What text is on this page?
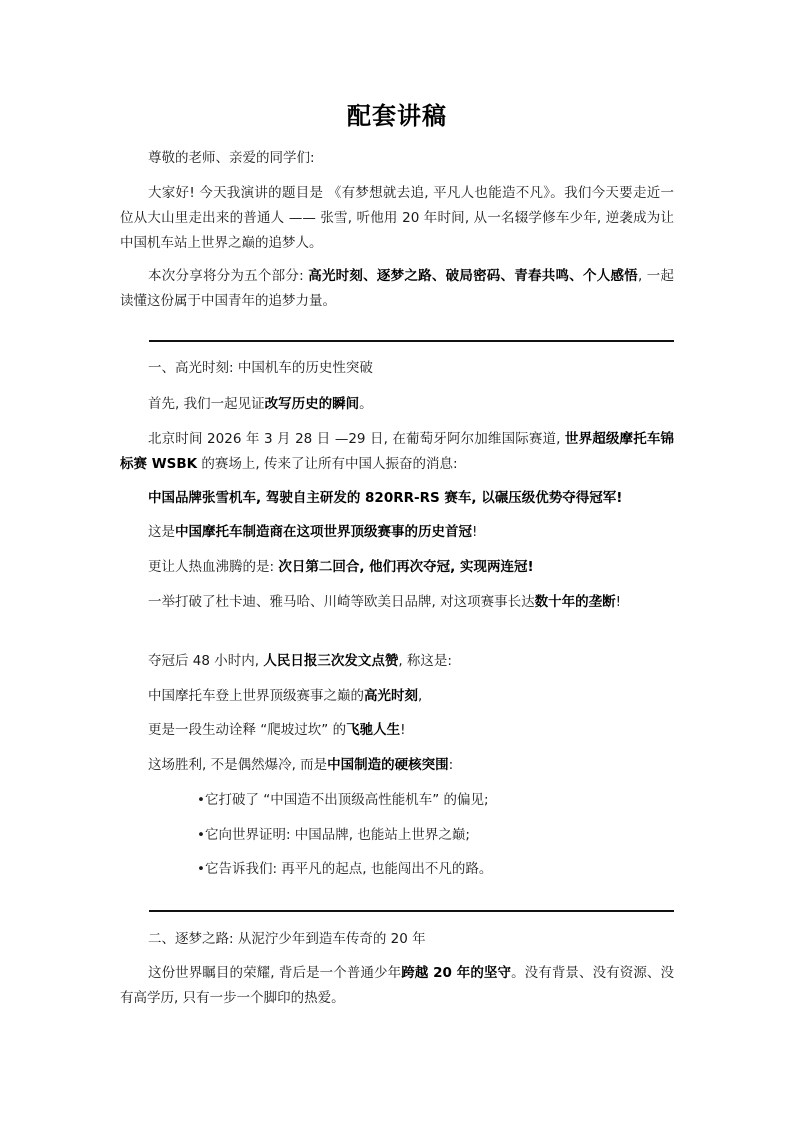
配套讲稿

尊敬的老师、亲爱的同学们:

大家好! 今天我演讲的题目是 《有梦想就去追, 平凡人也能造不凡》。我们今天要走近一位从大山里走出来的普通人 —— 张雪, 听他用 20 年时间, 从一名辍学修车少年, 逆袭成为让中国机车站上世界之巅的追梦人。

本次分享将分为五个部分: 高光时刻、逐梦之路、破局密码、青春共鸣、个人感悟, 一起读懂这份属于中国青年的追梦力量。

一、高光时刻: 中国机车的历史性突破

首先, 我们一起见证改写历史的瞬间。

北京时间 2026 年 3 月 28 日 —29 日, 在葡萄牙阿尔加维国际赛道, 世界超级摩托车锦标赛 WSBK 的赛场上, 传来了让所有中国人振奋的消息:

中国品牌张雪机车, 驾驶自主研发的 820RR-RS 赛车, 以碾压级优势夺得冠军!

这是中国摩托车制造商在这项世界顶级赛事的历史首冠!

更让人热血沸腾的是: 次日第二回合, 他们再次夺冠, 实现两连冠!

一举打破了杜卡迪、雅马哈、川崎等欧美日品牌, 对这项赛事长达数十年的垄断!

夺冠后 48 小时内, 人民日报三次发文点赞, 称这是:

中国摩托车登上世界顶级赛事之巅的高光时刻,

更是一段生动诠释 “爬坡过坎” 的飞驰人生!

这场胜利, 不是偶然爆冷, 而是中国制造的硬核突围:

•它打破了 “中国造不出顶级高性能机车” 的偏见;
•它向世界证明: 中国品牌, 也能站上世界之巅;
•它告诉我们: 再平凡的起点, 也能闯出不凡的路。

二、逐梦之路: 从泥泞少年到造车传奇的 20 年

这份世界瞩目的荣耀, 背后是一个普通少年跨越 20 年的坚守。没有背景、没有资源、没有高学历, 只有一步一个脚印的热爱。
